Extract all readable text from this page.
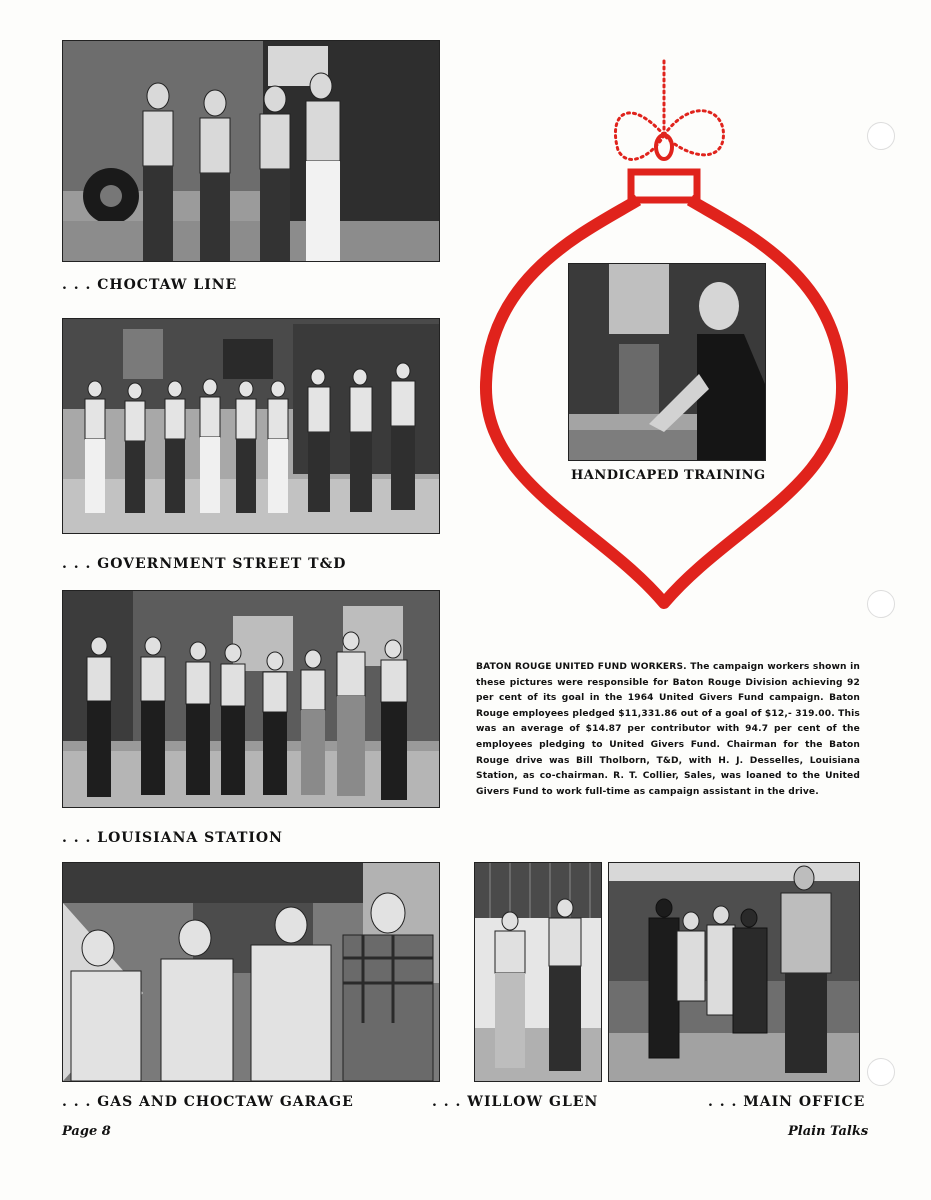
. . . CHOCTAW LINE
. . . GOVERNMENT STREET T&D
. . . LOUISIANA STATION
HANDICAPED TRAINING
BATON ROUGE UNITED FUND WORKERS. The campaign workers shown in these pictures were responsible for Baton Rouge Division achieving 92 per cent of its goal in the 1964 United Givers Fund campaign. Baton Rouge employees pledged $11,331.86 out of a goal of $12,- 319.00. This was an average of $14.87 per contributor with 94.7 per cent of the employees pledging to United Givers Fund. Chairman for the Baton Rouge drive was Bill Tholborn, T&D, with H. J. Desselles, Louisiana Station, as co-chairman. R. T. Collier, Sales, was loaned to the United Givers Fund to work full-time as campaign assistant in the drive.
. . . GAS AND CHOCTAW GARAGE	. . . WILLOW GLEN	. . . MAIN OFFICE
Page 8	Plain Talks
